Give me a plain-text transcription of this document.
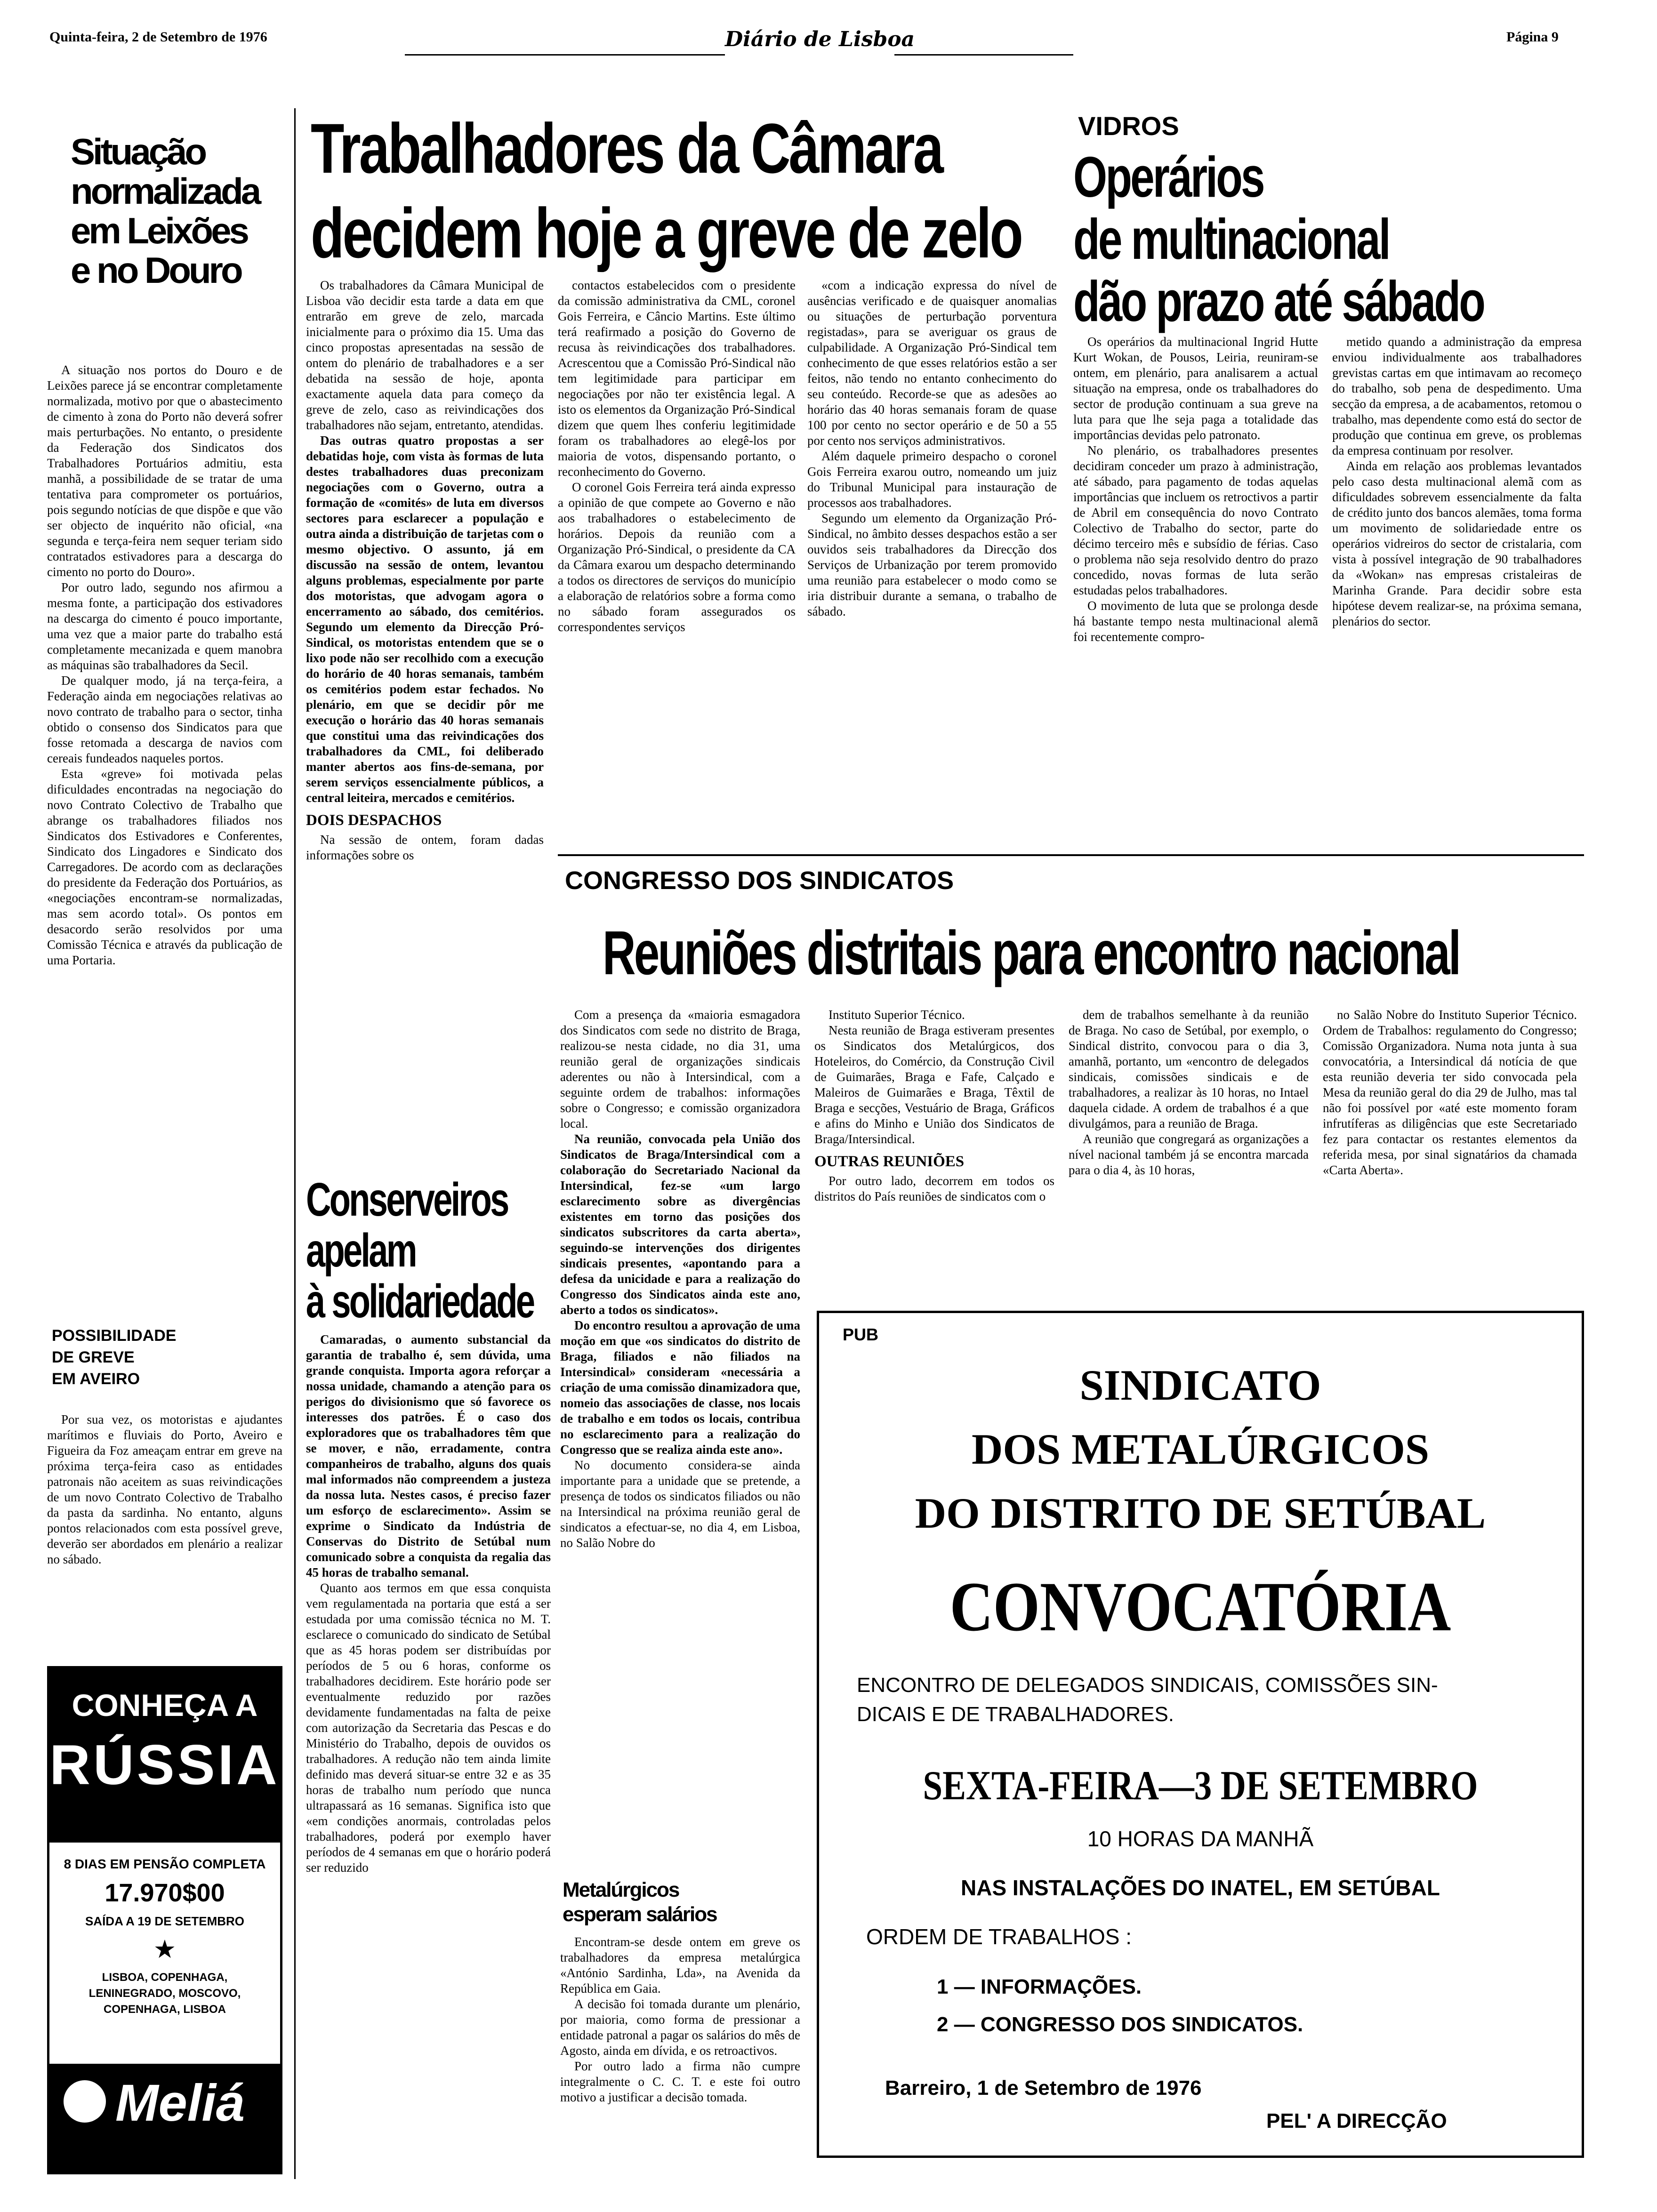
Quinta-feira, 2 de Setembro de 1976	Diário de Lisboa	Página 9
Situação
normalizada
em Leixões
e no Douro

A situação nos portos do Douro e de Leixões parece já se encontrar completamente normalizada, motivo por que o abastecimento de cimento à zona do Porto não deverá sofrer mais perturbações. No entanto, o presidente da Federação dos Sindicatos dos Trabalhadores Portuários admitiu, esta manhã, a possibilidade de se tratar de uma tentativa para comprometer os portuários, pois segundo notícias de que dispõe e que vão ser objecto de inquérito não oficial, «na segunda e terça-feira nem sequer teriam sido contratados estivadores para a descarga do cimento no porto do Douro».

Por outro lado, segundo nos afirmou a mesma fonte, a participação dos estivadores na descarga do cimento é pouco importante, uma vez que a maior parte do trabalho está completamente mecanizada e quem manobra as máquinas são trabalhadores da Secil.

De qualquer modo, já na terça-feira, a Federação ainda em negociações relativas ao novo contrato de trabalho para o sector, tinha obtido o consenso dos Sindicatos para que fosse retomada a descarga de navios com cereais fundeados naqueles portos.

Esta «greve» foi motivada pelas dificuldades encontradas na negociação do novo Contrato Colectivo de Trabalho que abrange os trabalhadores filiados nos Sindicatos dos Estivadores e Conferentes, Sindicato dos Lingadores e Sindicato dos Carregadores. De acordo com as declarações do presidente da Federação dos Portuários, as «negociações encontram-se normalizadas, mas sem acordo total». Os pontos em desacordo serão resolvidos por uma Comissão Técnica e através da publicação de uma Portaria.

POSSIBILIDADE
DE GREVE
EM AVEIRO

Por sua vez, os motoristas e ajudantes marítimos e fluviais do Porto, Aveiro e Figueira da Foz ameaçam entrar em greve na próxima terça-feira caso as entidades patronais não aceitem as suas reivindicações de um novo Contrato Colectivo de Trabalho da pasta da sardinha. No entanto, alguns pontos relacionados com esta possível greve, deverão ser abordados em plenário a realizar no sábado.

CONHEÇA A
RÚSSIA
8 DIAS EM PENSÃO COMPLETA
17.970$00
SAÍDA A 19 DE SETEMBRO
★
LISBOA, COPENHAGA,
LENINEGRADO, MOSCOVO,
COPENHAGA, LISBOA
Meliá
Trabalhadores da Câmara
decidem hoje a greve de zelo

Os trabalhadores da Câmara Municipal de Lisboa vão decidir esta tarde a data em que entrarão em greve de zelo, marcada inicialmente para o próximo dia 15. Uma das cinco propostas apresentadas na sessão de ontem do plenário de trabalhadores e a ser debatida na sessão de hoje, aponta exactamente aquela data para começo da greve de zelo, caso as reivindicações dos trabalhadores não sejam, entretanto, atendidas.

Das outras quatro propostas a ser debatidas hoje, com vista às formas de luta destes trabalhadores duas preconizam negociações com o Governo, outra a formação de «comités» de luta em diversos sectores para esclarecer a população e outra ainda a distribuição de tarjetas com o mesmo objectivo. O assunto, já em discussão na sessão de ontem, levantou alguns problemas, especialmente por parte dos motoristas, que advogam agora o encerramento ao sábado, dos cemitérios. Segundo um elemento da Direcção Pró-Sindical, os motoristas entendem que se o lixo pode não ser recolhido com a execução do horário de 40 horas semanais, também os cemitérios podem estar fechados. No plenário, em que se decidir pôr me execução o horário das 40 horas semanais que constitui uma das reivindicações dos trabalhadores da CML, foi deliberado manter abertos aos fins-de-semana, por serem serviços essencialmente públicos, a central leiteira, mercados e cemitérios.

DOIS DESPACHOS

Na sessão de ontem, foram dadas informações sobre os

contactos estabelecidos com o presidente da comissão administrativa da CML, coronel Gois Ferreira, e Câncio Martins. Este último terá reafirmado a posição do Governo de recusa às reivindicações dos trabalhadores. Acrescentou que a Comissão Pró-Sindical não tem legitimidade para participar em negociações por não ter existência legal. A isto os elementos da Organização Pró-Sindical dizem que quem lhes conferiu legitimidade foram os trabalhadores ao elegê-los por maioria de votos, dispensando portanto, o reconhecimento do Governo.

O coronel Gois Ferreira terá ainda expresso a opinião de que compete ao Governo e não aos trabalhadores o estabelecimento de horários. Depois da reunião com a Organização Pró-Sindical, o presidente da CA da Câmara exarou um despacho determinando a todos os directores de serviços do município a elaboração de relatórios sobre a forma como no sábado foram assegurados os correspondentes serviços

«com a indicação expressa do nível de ausências verificado e de quaisquer anomalias ou situações de perturbação porventura registadas», para se averiguar os graus de culpabilidade. A Organização Pró-Sindical tem conhecimento de que esses relatórios estão a ser feitos, não tendo no entanto conhecimento do seu conteúdo. Recorde-se que as adesões ao horário das 40 horas semanais foram de quase 100 por cento no sector operário e de 50 a 55 por cento nos serviços administrativos.

Além daquele primeiro despacho o coronel Gois Ferreira exarou outro, nomeando um juiz do Tribunal Municipal para instauração de processos aos trabalhadores.

Segundo um elemento da Organização Pró-Sindical, no âmbito desses despachos estão a ser ouvidos seis trabalhadores da Direcção dos Serviços de Urbanização por terem promovido uma reunião para estabelecer o modo como se iria distribuir durante a semana, o trabalho de sábado.

VIDROS
Operários
de multinacional
dão prazo até sábado

Os operários da multinacional Ingrid Hutte Kurt Wokan, de Pousos, Leiria, reuniram-se ontem, em plenário, para analisarem a actual situação na empresa, onde os trabalhadores do sector de produção continuam a sua greve na luta para que lhe seja paga a totalidade das importâncias devidas pelo patronato.

No plenário, os trabalhadores presentes decidiram conceder um prazo à administração, até sábado, para pagamento de todas aquelas importâncias que incluem os retroctivos a partir de Abril em consequência do novo Contrato Colectivo de Trabalho do sector, parte do décimo terceiro mês e subsídio de férias. Caso o problema não seja resolvido dentro do prazo concedido, novas formas de luta serão estudadas pelos trabalhadores.

O movimento de luta que se prolonga desde há bastante tempo nesta multinacional alemã foi recentemente compro-

metido quando a administração da empresa enviou individualmente aos trabalhadores grevistas cartas em que intimavam ao recomeço do trabalho, sob pena de despedimento. Uma secção da empresa, a de acabamentos, retomou o trabalho, mas dependente como está do sector de produção que continua em greve, os problemas da empresa continuam por resolver.

Ainda em relação aos problemas levantados pelo caso desta multinacional alemã com as dificuldades sobrevem essencialmente da falta de crédito junto dos bancos alemães, toma forma um movimento de solidariedade entre os operários vidreiros do sector de cristalaria, com vista à possível integração de 90 trabalhadores da «Wokan» nas empresas cristaleiras de Marinha Grande. Para decidir sobre esta hipótese devem realizar-se, na próxima semana, plenários do sector.

CONGRESSO DOS SINDICATOS
Reuniões distritais para encontro nacional

Com a presença da «maioria esmagadora dos Sindicatos com sede no distrito de Braga, realizou-se nesta cidade, no dia 31, uma reunião geral de organizações sindicais aderentes ou não à Intersindical, com a seguinte ordem de trabalhos: informações sobre o Congresso; e comissão organizadora local.

Na reunião, convocada pela União dos Sindicatos de Braga/Intersindical com a colaboração do Secretariado Nacional da Intersindical, fez-se «um largo esclarecimento sobre as divergências existentes em torno das posições dos sindicatos subscritores da carta aberta», seguindo-se intervenções dos dirigentes sindicais presentes, «apontando para a defesa da unicidade e para a realização do Congresso dos Sindicatos ainda este ano, aberto a todos os sindicatos».

Do encontro resultou a aprovação de uma moção em que «os sindicatos do distrito de Braga, filiados e não filiados na Intersindical» consideram «necessária a criação de uma comissão dinamizadora que, nomeio das associações de classe, nos locais de trabalho e em todos os locais, contribua no esclarecimento para a realização do Congresso que se realiza ainda este ano».

No documento considera-se ainda importante para a unidade que se pretende, a presença de todos os sindicatos filiados ou não na Intersindical na próxima reunião geral de sindicatos a efectuar-se, no dia 4, em Lisboa, no Salão Nobre do

Instituto Superior Técnico.

Nesta reunião de Braga estiveram presentes os Sindicatos dos Metalúrgicos, dos Hoteleiros, do Comércio, da Construção Civil de Guimarães, Braga e Fafe, Calçado e Maleiros de Guimarães e Braga, Têxtil de Braga e secções, Vestuário de Braga, Gráficos e afins do Minho e União dos Sindicatos de Braga/Intersindical.

OUTRAS REUNIÕES

Por outro lado, decorrem em todos os distritos do País reuniões de sindicatos com o

dem de trabalhos semelhante à da reunião de Braga. No caso de Setúbal, por exemplo, o Sindical distrito, convocou para o dia 3, amanhã, portanto, um «encontro de delegados sindicais, comissões sindicais e de trabalhadores, a realizar às 10 horas, no Intael daquela cidade. A ordem de trabalhos é a que divulgámos, para a reunião de Braga.

A reunião que congregará as organizações a nível nacional também já se encontra marcada para o dia 4, às 10 horas,

no Salão Nobre do Instituto Superior Técnico. Ordem de Trabalhos: regulamento do Congresso; Comissão Organizadora. Numa nota junta à sua convocatória, a Intersindical dá notícia de que esta reunião deveria ter sido convocada pela Mesa da reunião geral do dia 29 de Julho, mas tal não foi possível por «até este momento foram infrutíferas as diligências que este Secretariado fez para contactar os restantes elementos da referida mesa, por sinal signatários da chamada «Carta Aberta».

Conserveiros
apelam
à solidariedade

Camaradas, o aumento substancial da garantia de trabalho é, sem dúvida, uma grande conquista. Importa agora reforçar a nossa unidade, chamando a atenção para os perigos do divisionismo que só favorece os interesses dos patrões. É o caso dos exploradores que os trabalhadores têm que se mover, e não, erradamente, contra companheiros de trabalho, alguns dos quais mal informados não compreendem a justeza da nossa luta. Nestes casos, é preciso fazer um esforço de esclarecimento». Assim se exprime o Sindicato da Indústria de Conservas do Distrito de Setúbal num comunicado sobre a conquista da regalia das 45 horas de trabalho semanal.

Quanto aos termos em que essa conquista vem regulamentada na portaria que está a ser estudada por uma comissão técnica no M. T. esclarece o comunicado do sindicato de Setúbal que as 45 horas podem ser distribuídas por períodos de 5 ou 6 horas, conforme os trabalhadores decidirem. Este horário pode ser eventualmente reduzido por razões devidamente fundamentadas na falta de peixe com autorização da Secretaria das Pescas e do Ministério do Trabalho, depois de ouvidos os trabalhadores. A redução não tem ainda limite definido mas deverá situar-se entre 32 e as 35 horas de trabalho num período que nunca ultrapassará as 16 semanas. Significa isto que «em condições anormais, controladas pelos trabalhadores, poderá por exemplo haver períodos de 4 semanas em que o horário poderá ser reduzido

Metalúrgicos
esperam salários

Encontram-se desde ontem em greve os trabalhadores da empresa metalúrgica «António Sardinha, Lda», na Avenida da República em Gaia.

A decisão foi tomada durante um plenário, por maioria, como forma de pressionar a entidade patronal a pagar os salários do mês de Agosto, ainda em dívida, e os retroactivos.

Por outro lado a firma não cumpre integralmente o C. C. T. e este foi outro motivo a justificar a decisão tomada.

PUB
SINDICATO
DOS METALÚRGICOS
DO DISTRITO DE SETÚBAL
CONVOCATÓRIA
ENCONTRO DE DELEGADOS SINDICAIS, COMISSÕES SIN-
DICAIS E DE TRABALHADORES.
SEXTA-FEIRA—3 DE SETEMBRO
10 HORAS DA MANHÃ
NAS INSTALAÇÕES DO INATEL, EM SETÚBAL
ORDEM DE TRABALHOS :
1 — INFORMAÇÕES.
2 — CONGRESSO DOS SINDICATOS.
Barreiro, 1 de Setembro de 1976
PEL' A DIRECÇÃO
